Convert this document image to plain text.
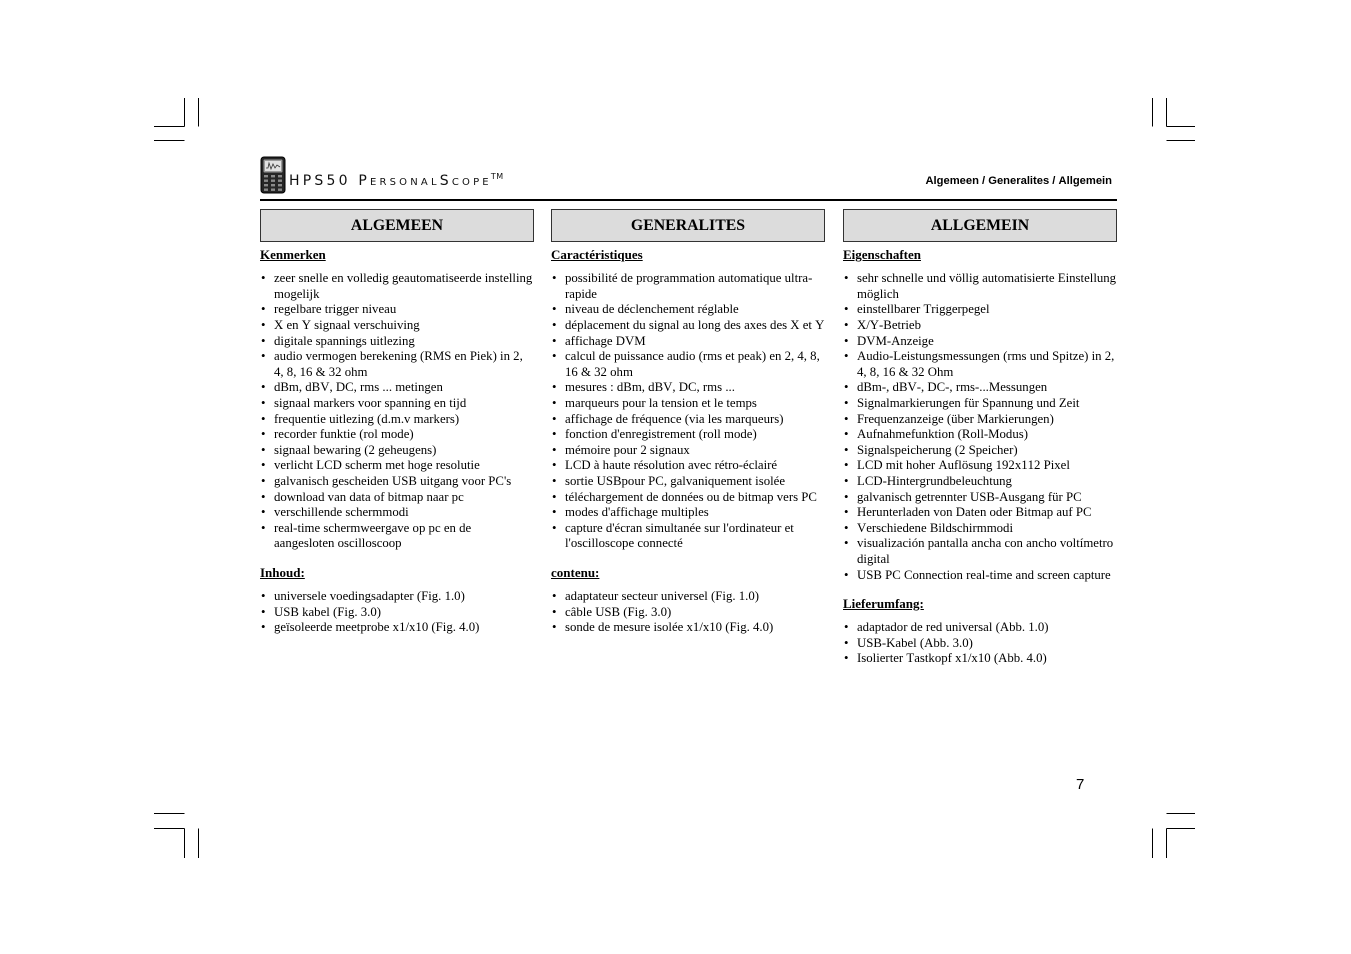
HPS50 PersonalScope™	Algemeen / Generalites / Allgemein
ALGEMEEN
Kenmerken
• zeer snelle en volledig geautomatiseerde instelling mogelijk
• regelbare trigger niveau
• X en Y signaal verschuiving
• digitale spannings uitlezing
• audio vermogen berekening (RMS en Piek) in 2, 4, 8, 16 & 32 ohm
• dBm, dBV, DC, rms ... metingen
• signaal markers voor spanning en tijd
• frequentie uitlezing (d.m.v markers)
• recorder funktie (rol mode)
• signaal bewaring (2 geheugens)
• verlicht LCD scherm met hoge resolutie
• galvanisch gescheiden USB uitgang voor PC's
• download van data of bitmap naar pc
• verschillende schermmodi
• real-time schermweergave op pc en de aangesloten oscilloscoop
Inhoud:
• universele voedingsadapter (Fig. 1.0)
• USB kabel (Fig. 3.0)
• geïsoleerde meetprobe x1/x10 (Fig. 4.0)
GENERALITES
Caractéristiques
• possibilité de programmation automatique ultra-rapide
• niveau de déclenchement réglable
• déplacement du signal au long des axes des X et Y
• affichage DVM
• calcul de puissance audio (rms et peak) en 2, 4, 8, 16 & 32 ohm
• mesures : dBm, dBV, DC, rms ...
• marqueurs pour la tension et le temps
• affichage de fréquence (via les marqueurs)
• fonction d'enregistrement (roll mode)
• mémoire pour 2 signaux
• LCD à haute résolution avec rétro-éclairé
• sortie USBpour PC, galvaniquement isolée
• téléchargement de données ou de bitmap vers PC
• modes d'affichage multiples
• capture d'écran simultanée sur l'ordinateur et l'oscilloscope connecté
contenu:
• adaptateur secteur universel (Fig. 1.0)
• câble USB (Fig. 3.0)
• sonde de mesure isolée x1/x10 (Fig. 4.0)
ALLGEMEIN
Eigenschaften
• sehr schnelle und völlig automatisierte Einstellung möglich
• einstellbarer Triggerpegel
• X/Y-Betrieb
• DVM-Anzeige
• Audio-Leistungsmessungen (rms und Spitze) in 2, 4, 8, 16 & 32 Ohm
• dBm-, dBV-, DC-, rms-...Messungen
• Signalmarkierungen für Spannung und Zeit
• Frequenzanzeige (über Markierungen)
• Aufnahmefunktion (Roll-Modus)
• Signalspeicherung (2 Speicher)
• LCD mit hoher Auflösung 192x112 Pixel
• LCD-Hintergrundbeleuchtung
• galvanisch getrennter USB-Ausgang für PC
• Herunterladen von Daten oder Bitmap auf PC
• Verschiedene Bildschirmmodi
• visualización pantalla ancha con ancho voltímetro digital
• USB PC Connection real-time and screen capture
Lieferumfang:
• adaptador de red universal (Abb. 1.0)
• USB-Kabel (Abb. 3.0)
• Isolierter Tastkopf x1/x10 (Abb. 4.0)
7
